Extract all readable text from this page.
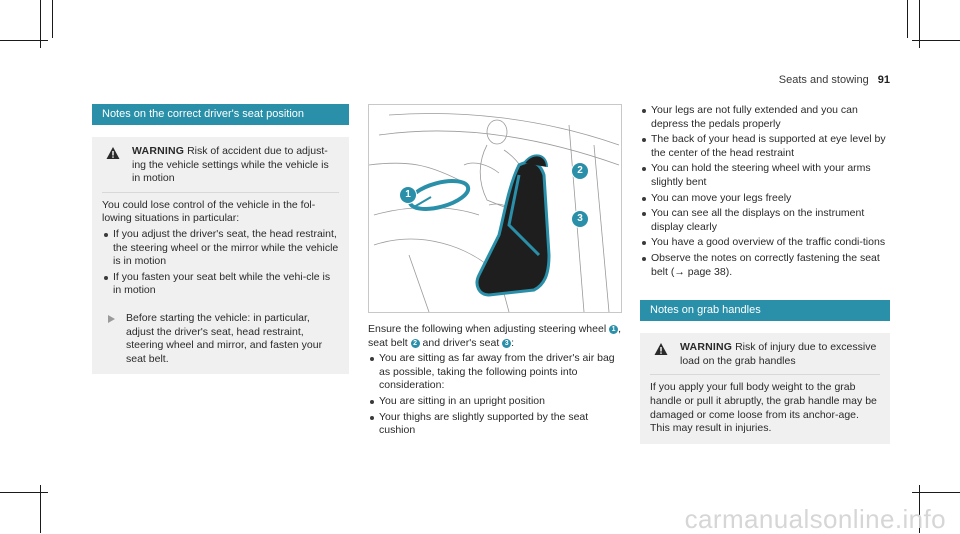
Seats and stowing 91
Notes on the correct driver's seat position
WARNING Risk of accident due to adjust-ing the vehicle settings while the vehicle is in motion

You could lose control of the vehicle in the fol-lowing situations in particular:

If you adjust the driver's seat, the head restraint, the steering wheel or the mirror while the vehicle is in motion
If you fasten your seat belt while the vehi-cle is in motion
Before starting the vehicle: in particular, adjust the driver's seat, head restraint, steering wheel and mirror, and fasten your seat belt.
1
2
3

Ensure the following when adjusting steering wheel 1 , seat belt 2 and driver's seat 3 :

You are sitting as far away from the driver's air bag as possible, taking the following points into consideration:
You are sitting in an upright position
Your thighs are slightly supported by the seat cushion
Your legs are not fully extended and you can depress the pedals properly
The back of your head is supported at eye level by the center of the head restraint
You can hold the steering wheel with your arms slightly bent
You can move your legs freely
You can see all the displays on the instrument display clearly
You have a good overview of the traffic condi-tions
Observe the notes on correctly fastening the seat belt (→ page 38).
Notes on grab handles
WARNING Risk of injury due to excessive load on the grab handles

If you apply your full body weight to the grab handle or pull it abruptly, the grab handle may be damaged or come loose from its anchor-age. This may result in injuries.

carmanualsonline.info
